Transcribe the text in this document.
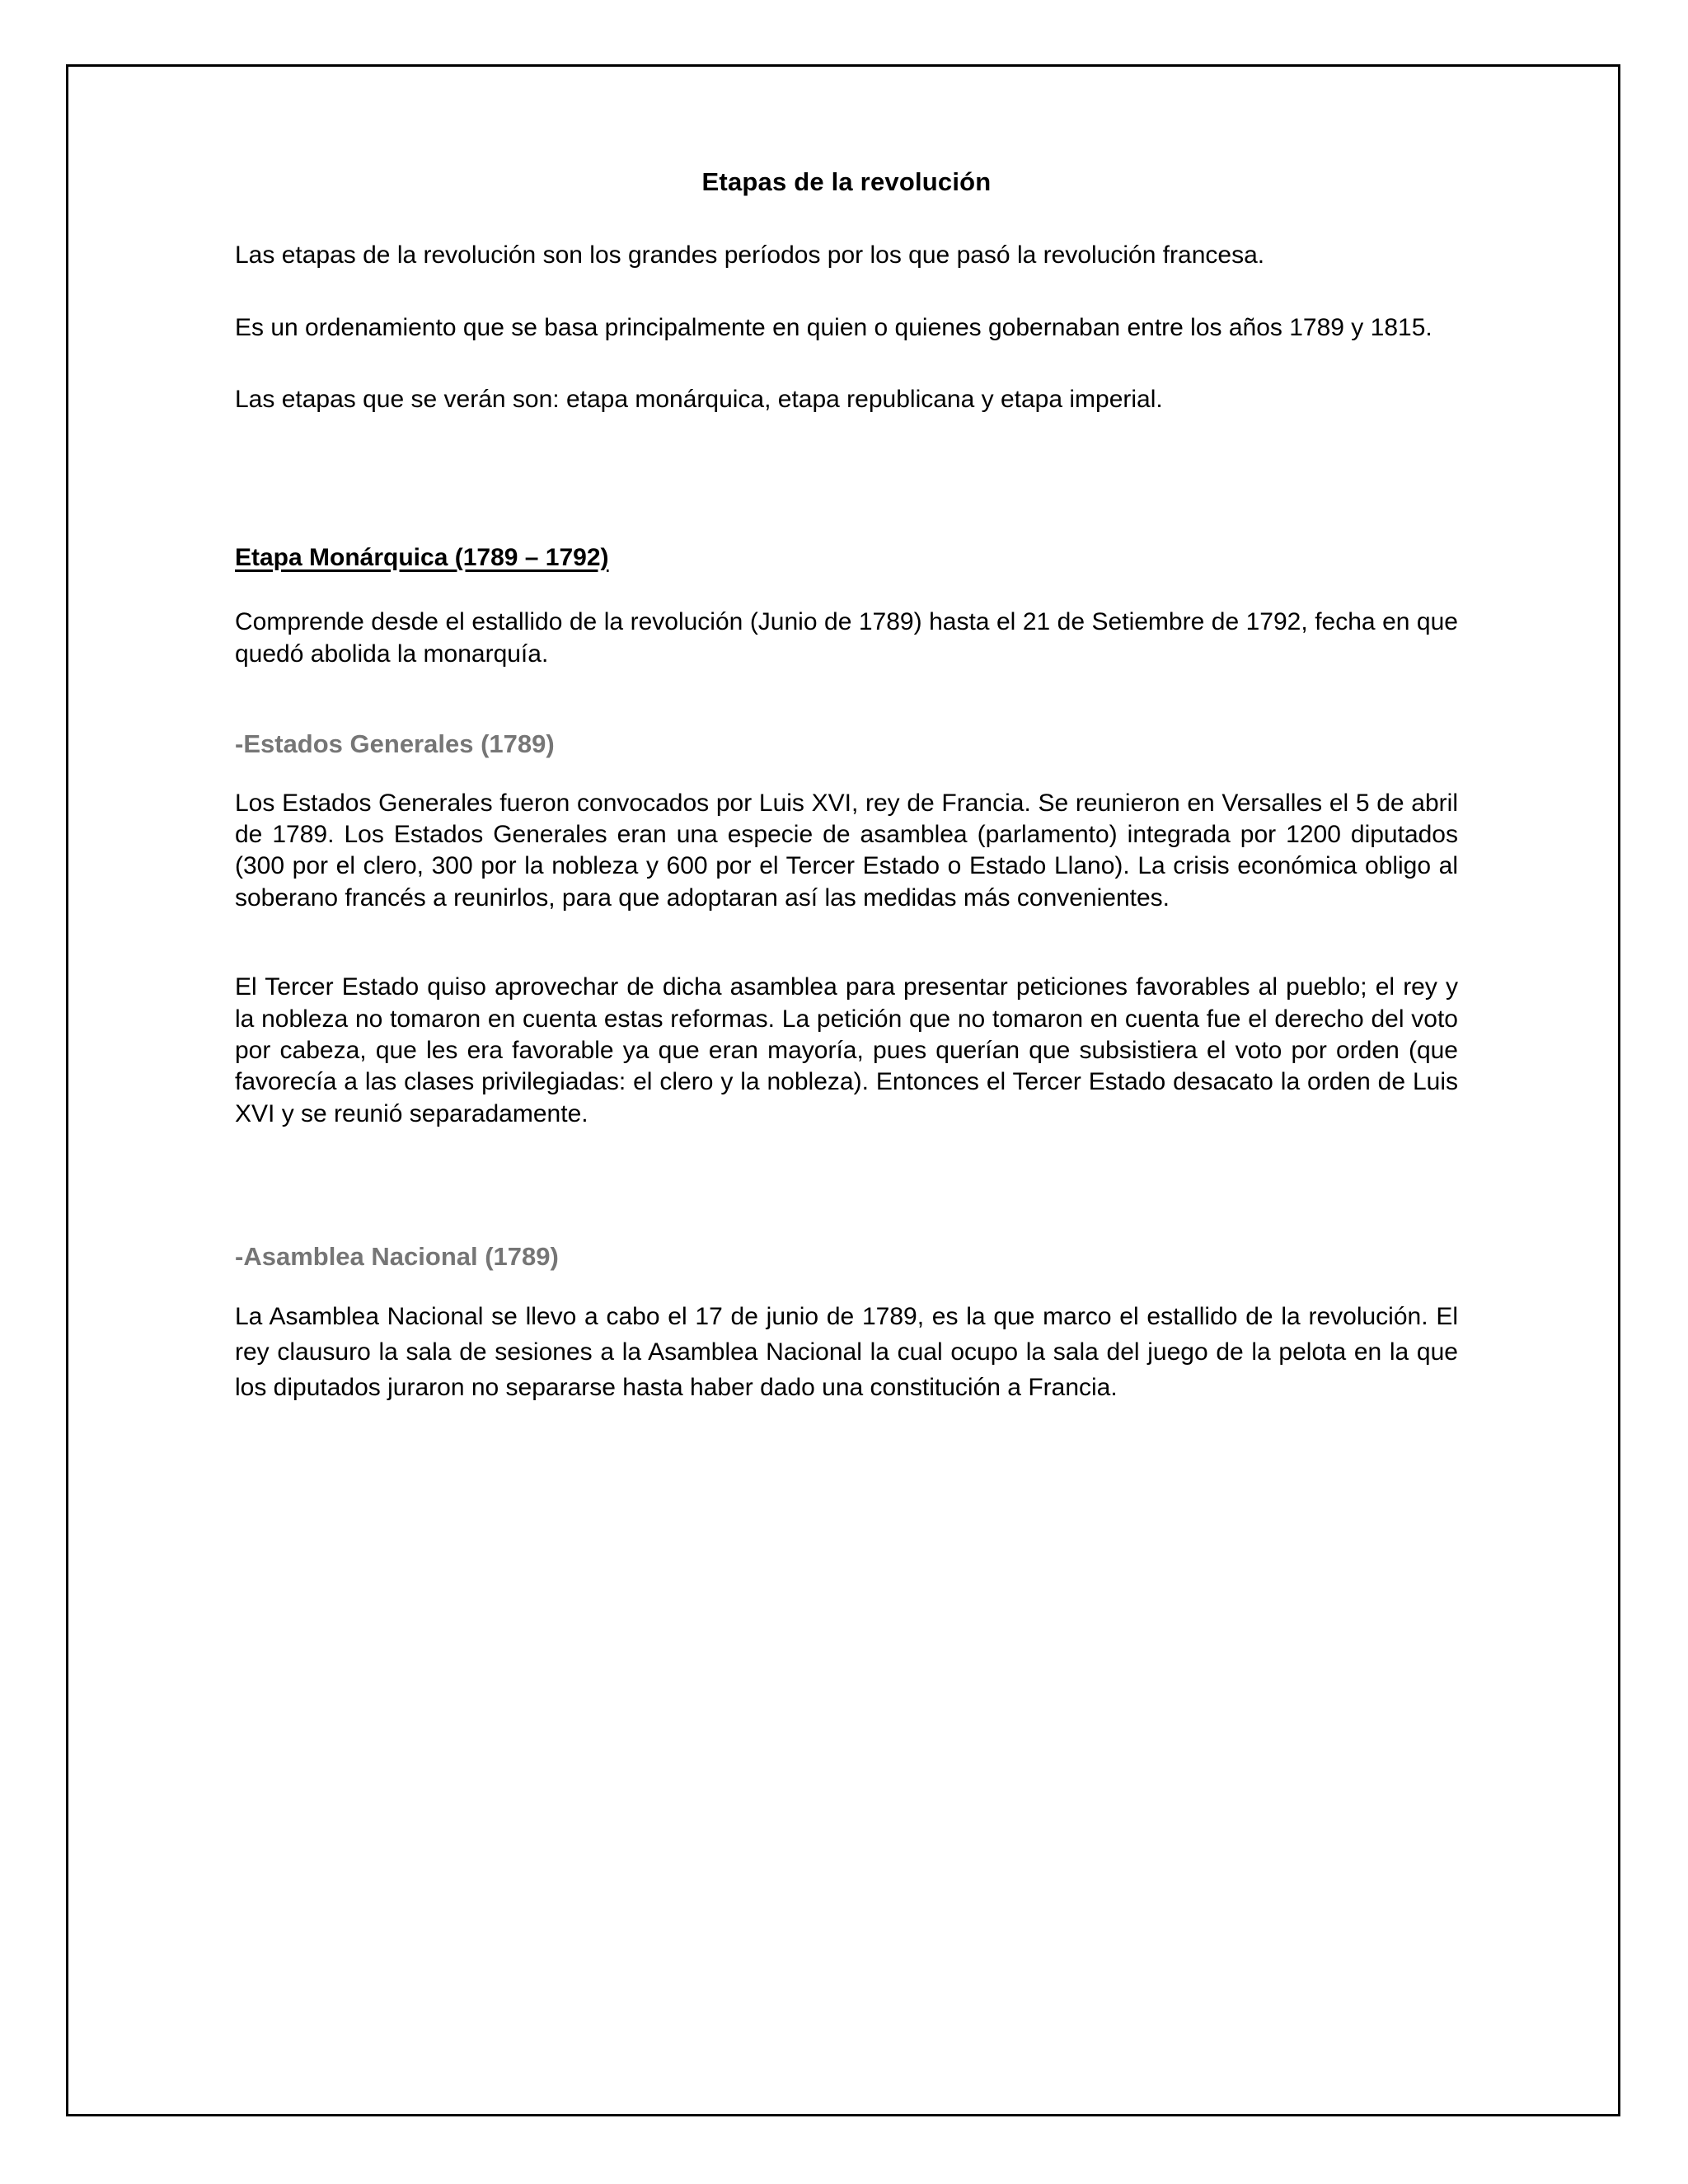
Etapas de la revolución

Las etapas de la revolución son los grandes períodos por los que pasó la revolución francesa.

Es un ordenamiento que se basa principalmente en quien o quienes gobernaban entre los años 1789 y 1815.

Las etapas que se verán son: etapa monárquica, etapa republicana y etapa imperial.

Etapa Monárquica (1789 – 1792)

Comprende desde el estallido de la revolución (Junio de 1789) hasta el 21 de Setiembre de 1792, fecha en que quedó abolida la monarquía.

-Estados Generales (1789)

Los Estados Generales fueron convocados por Luis XVI, rey de Francia. Se reunieron en Versalles el 5 de abril de 1789. Los Estados Generales eran una especie de asamblea (parlamento) integrada por 1200 diputados (300 por el clero, 300 por la nobleza y 600 por el Tercer Estado o Estado Llano). La crisis económica obligo al soberano francés a reunirlos, para que adoptaran así las medidas más convenientes.

El Tercer Estado quiso aprovechar de dicha asamblea para presentar peticiones favorables al pueblo; el rey y la nobleza no tomaron en cuenta estas reformas. La petición que no tomaron en cuenta fue el derecho del voto por cabeza, que les era favorable ya que eran mayoría, pues querían que subsistiera el voto por orden (que favorecía a las clases privilegiadas: el clero y la nobleza). Entonces el Tercer Estado desacato la orden de Luis XVI y se reunió separadamente.

-Asamblea Nacional (1789)

La Asamblea Nacional se llevo a cabo el 17 de junio de 1789, es la que marco el estallido de la revolución. El rey clausuro la sala de sesiones a la Asamblea Nacional la cual ocupo la sala del juego de la pelota en la que los diputados juraron no separarse hasta haber dado una constitución a Francia.
